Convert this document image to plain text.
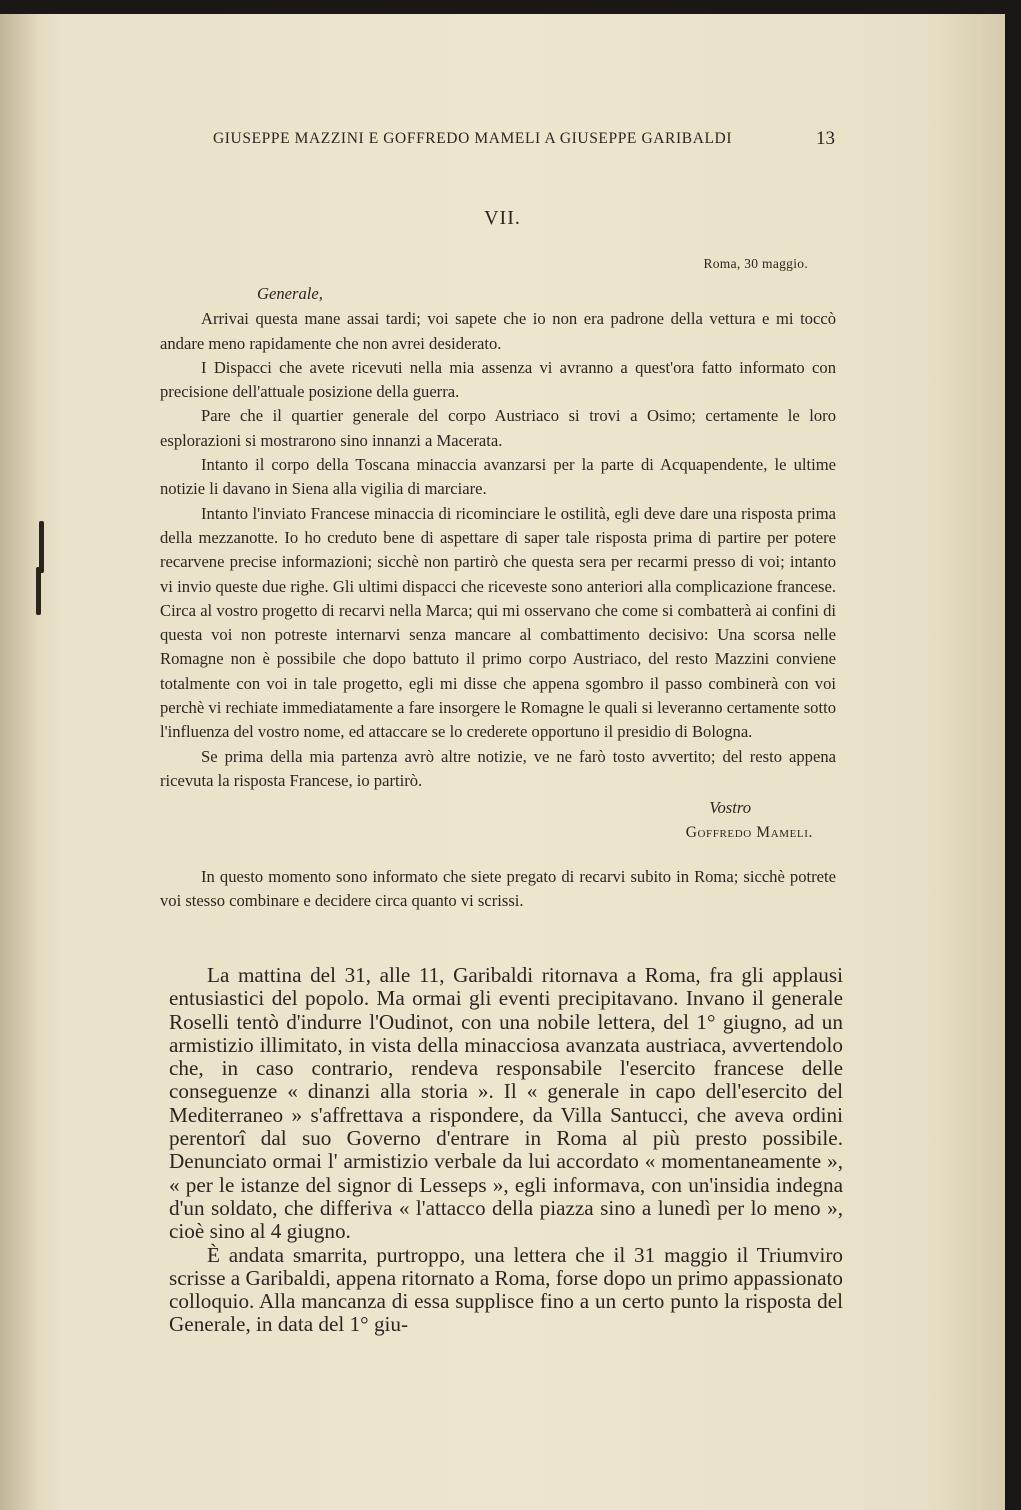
GIUSEPPE MAZZINI E GOFFREDO MAMELI A GIUSEPPE GARIBALDI	13
VII.
Roma, 30 maggio.
Generale,

Arrivai questa mane assai tardi; voi sapete che io non era padrone della vettura e mi toccò andare meno rapidamente che non avrei desiderato.

I Dispacci che avete ricevuti nella mia assenza vi avranno a quest'ora fatto informato con precisione dell'attuale posizione della guerra.

Pare che il quartier generale del corpo Austriaco si trovi a Osimo; certamente le loro esplorazioni si mostrarono sino innanzi a Macerata.

Intanto il corpo della Toscana minaccia avanzarsi per la parte di Acquapendente, le ultime notizie li davano in Siena alla vigilia di marciare.

Intanto l'inviato Francese minaccia di ricominciare le ostilità, egli deve dare una risposta prima della mezzanotte. Io ho creduto bene di aspettare di saper tale risposta prima di partire per potere recarvene precise informazioni; sicchè non partirò che questa sera per recarmi presso di voi; intanto vi invio queste due righe. Gli ultimi dispacci che riceveste sono anteriori alla complicazione francese. Circa al vostro progetto di recarvi nella Marca; qui mi osservano che come si combatterà ai confini di questa voi non potreste internarvi senza mancare al combattimento decisivo: Una scorsa nelle Romagne non è possibile che dopo battuto il primo corpo Austriaco, del resto Mazzini conviene totalmente con voi in tale progetto, egli mi disse che appena sgombro il passo combinerà con voi perchè vi rechiate immediatamente a fare insorgere le Romagne le quali si leveranno certamente sotto l'influenza del vostro nome, ed attaccare se lo crederete opportuno il presidio di Bologna.

Se prima della mia partenza avrò altre notizie, ve ne farò tosto avvertito; del resto appena ricevuta la risposta Francese, io partirò.

Vostro
Goffredo Mameli.

In questo momento sono informato che siete pregato di recarvi subito in Roma; sicchè potrete voi stesso combinare e decidere circa quanto vi scrissi.

La mattina del 31, alle 11, Garibaldi ritornava a Roma, fra gli applausi entusiastici del popolo. Ma ormai gli eventi precipitavano. Invano il generale Roselli tentò d'indurre l'Oudinot, con una nobile lettera, del 1° giugno, ad un armistizio illimitato, in vista della minacciosa avanzata austriaca, avvertendolo che, in caso contrario, rendeva responsabile l'esercito francese delle conseguenze « dinanzi alla storia ». Il « generale in capo dell'esercito del Mediterraneo » s'affrettava a rispondere, da Villa Santucci, che aveva ordini perentorî dal suo Governo d'entrare in Roma al più presto possibile. Denunciato ormai l' armistizio verbale da lui accordato « momentaneamente », « per le istanze del signor di Lesseps », egli informava, con un'insidia indegna d'un soldato, che differiva « l'attacco della piazza sino a lunedì per lo meno », cioè sino al 4 giugno.

È andata smarrita, purtroppo, una lettera che il 31 maggio il Triumviro scrisse a Garibaldi, appena ritornato a Roma, forse dopo un primo appassionato colloquio. Alla mancanza di essa supplisce fino a un certo punto la risposta del Generale, in data del 1° giu-
